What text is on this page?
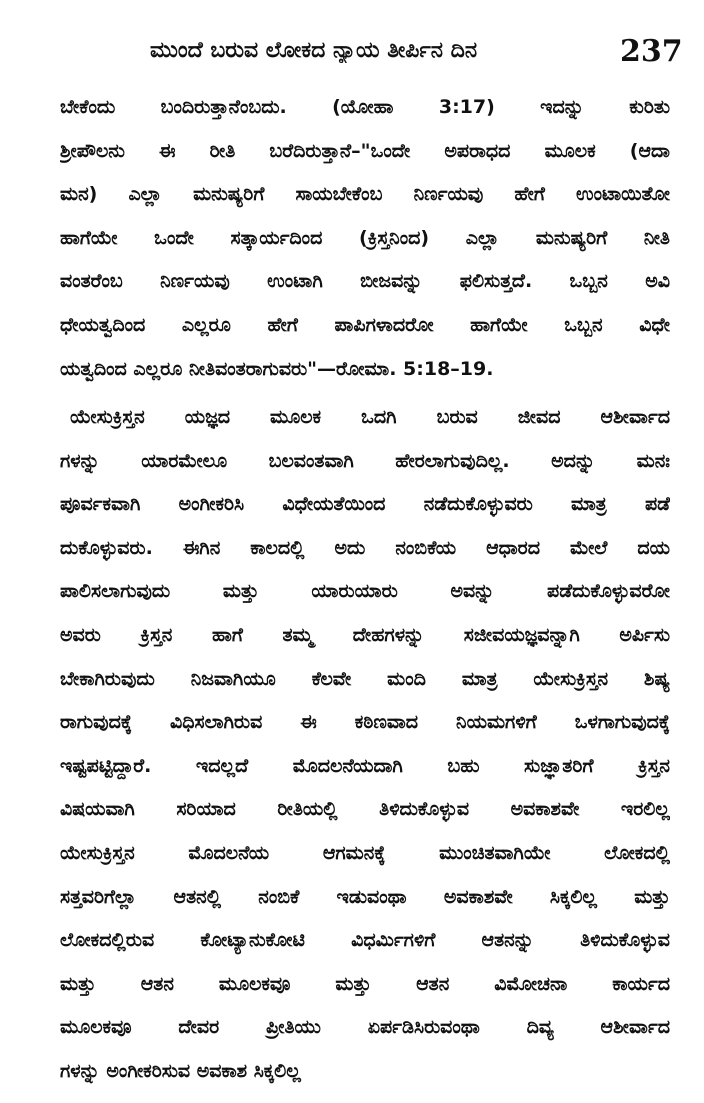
ಮುಂದೆ ಬರುವ ಲೋಕದ ನ್ಯಾಯ ತೀರ್ಪಿನ ದಿನ	237
ಬೇಕೆಂದು ಬಂದಿರುತ್ತಾನೆಂಬದು. (ಯೋಹಾ 3:17) ಇದನ್ನು ಕುರಿತು
ಶ್ರೀಪೌಲನು ಈ ರೀತಿ ಬರೆದಿರುತ್ತಾನೆ–"ಒಂದೇ ಅಪರಾಧದ ಮೂಲಕ (ಆದಾ
ಮನ) ಎಲ್ಲಾ ಮನುಷ್ಯರಿಗೆ ಸಾಯಬೇಕೆಂಬ ನಿರ್ಣಯವು ಹೇಗೆ ಉಂಟಾಯಿತೋ
ಹಾಗೆಯೇ ಒಂದೇ ಸತ್ಕಾರ್ಯದಿಂದ (ಕ್ರಿಸ್ತನಿಂದ) ಎಲ್ಲಾ ಮನುಷ್ಯರಿಗೆ ನೀತಿ
ವಂತರೆಂಬ ನಿರ್ಣಯವು ಉಂಟಾಗಿ ಬೀಜವನ್ನು ಫಲಿಸುತ್ತದೆ. ಒಬ್ಬನ ಅವಿ
ಧೇಯತ್ವದಿಂದ ಎಲ್ಲರೂ ಹೇಗೆ ಪಾಪಿಗಳಾದರೋ ಹಾಗೆಯೇ ಒಬ್ಬನ ವಿಧೇ
ಯತ್ವದಿಂದ ಎಲ್ಲರೂ ನೀತಿವಂತರಾಗುವರು"—ರೋಮಾ. 5:18–19.
ಯೇಸುಕ್ರಿಸ್ತನ ಯಜ್ಞದ ಮೂಲಕ ಒದಗಿ ಬರುವ ಜೀವದ ಆಶೀರ್ವಾದ
ಗಳನ್ನು ಯಾರಮೇಲೂ ಬಲವಂತವಾಗಿ ಹೇರಲಾಗುವುದಿಲ್ಲ. ಅದನ್ನು ಮನಃ
ಪೂರ್ವಕವಾಗಿ ಅಂಗೀಕರಿಸಿ ವಿಧೇಯತೆಯಿಂದ ನಡೆದುಕೊಳ್ಳುವರು ಮಾತ್ರ ಪಡೆ
ದುಕೊಳ್ಳುವರು. ಈಗಿನ ಕಾಲದಲ್ಲಿ ಅದು ನಂಬಿಕೆಯ ಆಧಾರದ ಮೇಲೆ ದಯ
ಪಾಲಿಸಲಾಗುವುದು ಮತ್ತು ಯಾರುಯಾರು ಅವನ್ನು ಪಡೆದುಕೊಳ್ಳುವರೋ
ಅವರು ಕ್ರಿಸ್ತನ ಹಾಗೆ ತಮ್ಮ ದೇಹಗಳನ್ನು ಸಜೀವಯಜ್ಞವನ್ನಾಗಿ ಅರ್ಪಿಸು
ಬೇಕಾಗಿರುವುದು ನಿಜವಾಗಿಯೂ ಕೆಲವೇ ಮಂದಿ ಮಾತ್ರ ಯೇಸುಕ್ರಿಸ್ತನ ಶಿಷ್ಯ
ರಾಗುವುದಕ್ಕೆ ವಿಧಿಸಲಾಗಿರುವ ಈ ಕಠಿಣವಾದ ನಿಯಮಗಳಿಗೆ ಒಳಗಾಗುವುದಕ್ಕೆ
ಇಷ್ಟಪಟ್ಟಿದ್ದಾರೆ. ಇದಲ್ಲದೆ ಮೊದಲನೆಯದಾಗಿ ಬಹು ಸುಜ್ಞಾತರಿಗೆ ಕ್ರಿಸ್ತನ
ವಿಷಯವಾಗಿ ಸರಿಯಾದ ರೀತಿಯಲ್ಲಿ ತಿಳಿದುಕೊಳ್ಳುವ ಅವಕಾಶವೇ ಇರಲಿಲ್ಲ
ಯೇಸುಕ್ರಿಸ್ತನ ಮೊದಲನೆಯ ಆಗಮನಕ್ಕೆ ಮುಂಚಿತವಾಗಿಯೇ ಲೋಕದಲ್ಲಿ
ಸತ್ತವರಿಗೆಲ್ಲಾ ಆತನಲ್ಲಿ ನಂಬಿಕೆ ಇಡುವಂಥಾ ಅವಕಾಶವೇ ಸಿಕ್ಕಲಿಲ್ಲ ಮತ್ತು
ಲೋಕದಲ್ಲಿರುವ ಕೋಟ್ಯಾನುಕೋಟಿ ವಿಧರ್ಮಿಗಳಿಗೆ ಆತನನ್ನು ತಿಳಿದುಕೊಳ್ಳುವ
ಮತ್ತು ಆತನ ಮೂಲಕವೂ ಮತ್ತು ಆತನ ವಿಮೋಚನಾ ಕಾರ್ಯದ
ಮೂಲಕವೂ ದೇವರ ಪ್ರೀತಿಯು ಏರ್ಪಡಿಸಿರುವಂಥಾ ದಿವ್ಯ ಆಶೀರ್ವಾದ
ಗಳನ್ನು ಅಂಗೀಕರಿಸುವ ಅವಕಾಶ ಸಿಕ್ಕಲಿಲ್ಲ
